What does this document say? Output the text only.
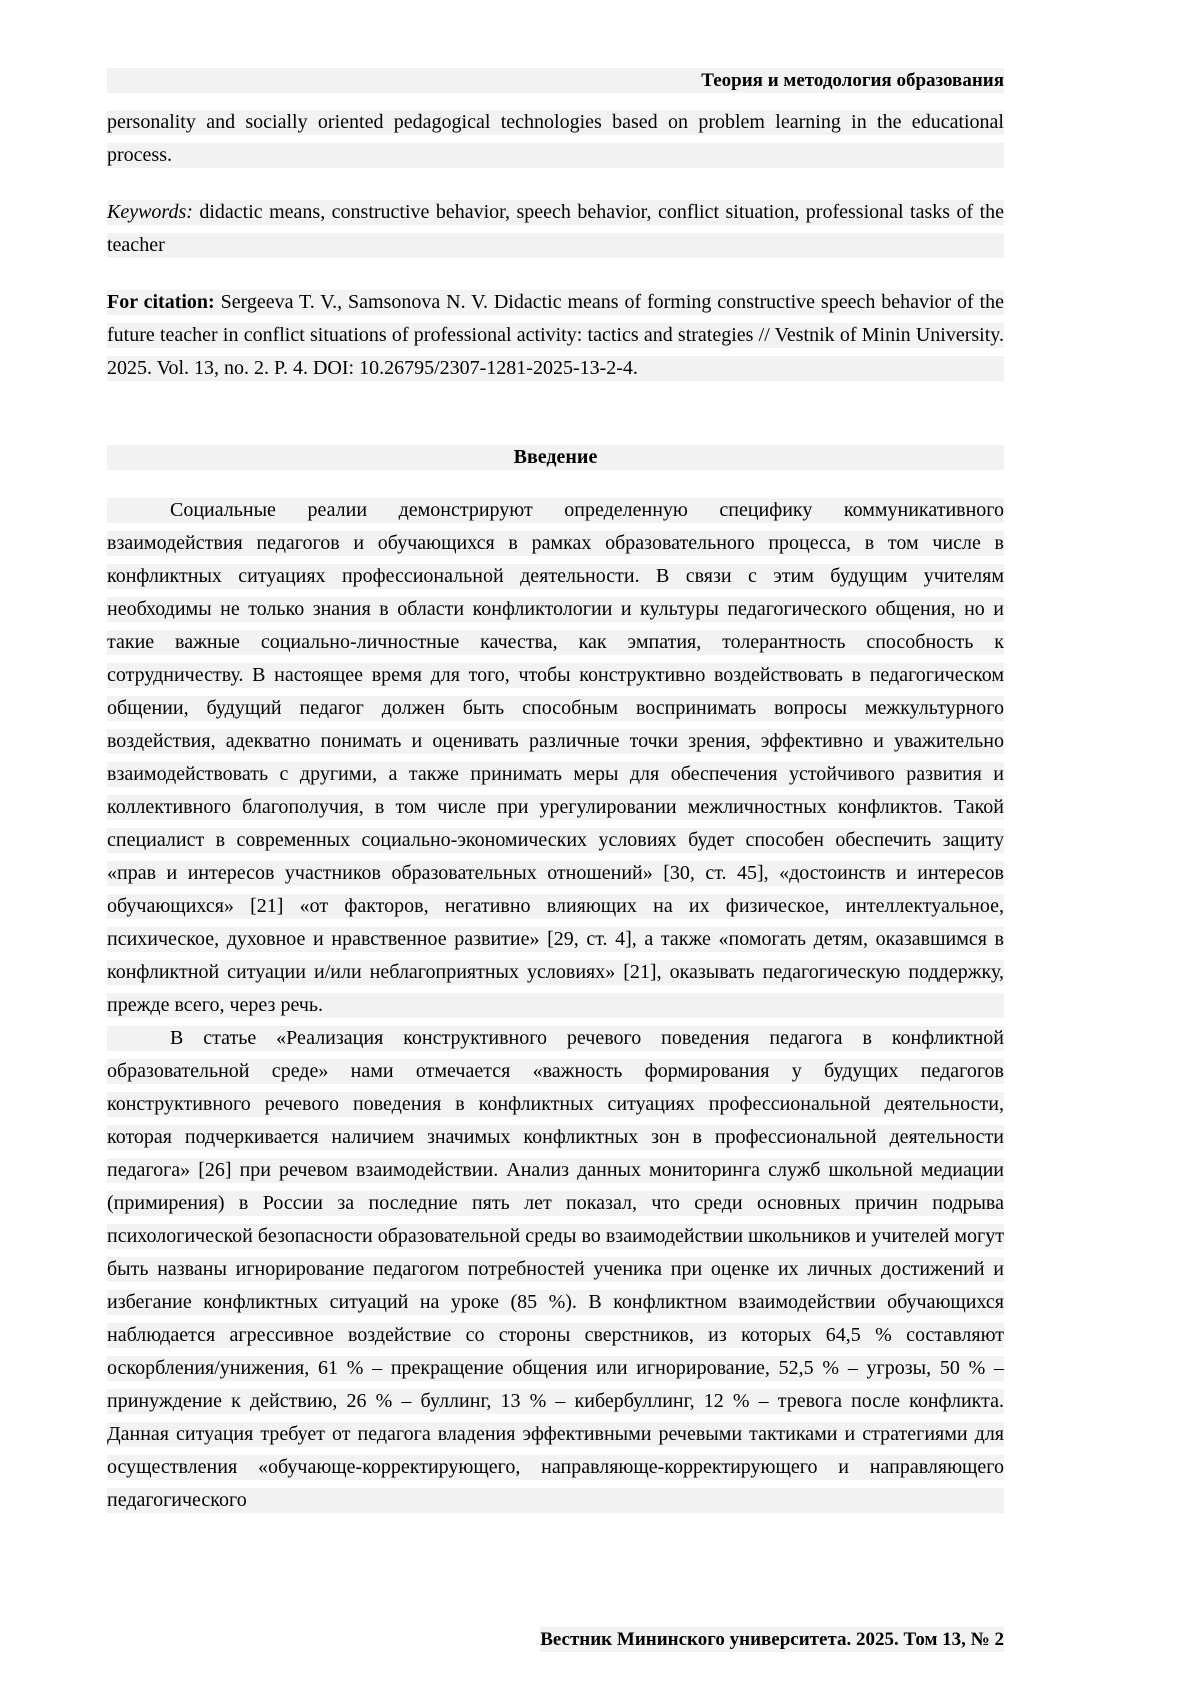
Теория и методология образования

personality and socially oriented pedagogical technologies based on problem learning in the educational process.

Keywords: didactic means, constructive behavior, speech behavior, conflict situation, professional tasks of the teacher

For citation: Sergeeva T. V., Samsonova N. V. Didactic means of forming constructive speech behavior of the future teacher in conflict situations of professional activity: tactics and strategies // Vestnik of Minin University. 2025. Vol. 13, no. 2. P. 4. DOI: 10.26795/2307-1281-2025-13-2-4.

Введение

Социальные реалии демонстрируют определенную специфику коммуникативного взаимодействия педагогов и обучающихся в рамках образовательного процесса, в том числе в конфликтных ситуациях профессиональной деятельности. В связи с этим будущим учителям необходимы не только знания в области конфликтологии и культуры педагогического общения, но и такие важные социально-личностные качества, как эмпатия, толерантность способность к сотрудничеству. В настоящее время для того, чтобы конструктивно воздействовать в педагогическом общении, будущий педагог должен быть способным воспринимать вопросы межкультурного воздействия, адекватно понимать и оценивать различные точки зрения, эффективно и уважительно взаимодействовать с другими, а также принимать меры для обеспечения устойчивого развития и коллективного благополучия, в том числе при урегулировании межличностных конфликтов. Такой специалист в современных социально-экономических условиях будет способен обеспечить защиту «прав и интересов участников образовательных отношений» [30, ст. 45], «достоинств и интересов обучающихся» [21] «от факторов, негативно влияющих на их физическое, интеллектуальное, психическое, духовное и нравственное развитие» [29, ст. 4], а также «помогать детям, оказавшимся в конфликтной ситуации и/или неблагоприятных условиях» [21], оказывать педагогическую поддержку, прежде всего, через речь.

В статье «Реализация конструктивного речевого поведения педагога в конфликтной образовательной среде» нами отмечается «важность формирования у будущих педагогов конструктивного речевого поведения в конфликтных ситуациях профессиональной деятельности, которая подчеркивается наличием значимых конфликтных зон в профессиональной деятельности педагога» [26] при речевом взаимодействии. Анализ данных мониторинга служб школьной медиации (примирения) в России за последние пять лет показал, что среди основных причин подрыва психологической безопасности образовательной среды во взаимодействии школьников и учителей могут быть названы игнорирование педагогом потребностей ученика при оценке их личных достижений и избегание конфликтных ситуаций на уроке (85 %). В конфликтном взаимодействии обучающихся наблюдается агрессивное воздействие со стороны сверстников, из которых 64,5 % составляют оскорбления/унижения, 61 % – прекращение общения или игнорирование, 52,5 % – угрозы, 50 % – принуждение к действию, 26 % – буллинг, 13 % – кибербуллинг, 12 % – тревога после конфликта. Данная ситуация требует от педагога владения эффективными речевыми тактиками и стратегиями для осуществления «обучающе-корректирующего, направляюще-корректирующего и направляющего педагогического

Вестник Мининского университета. 2025. Том 13, № 2
